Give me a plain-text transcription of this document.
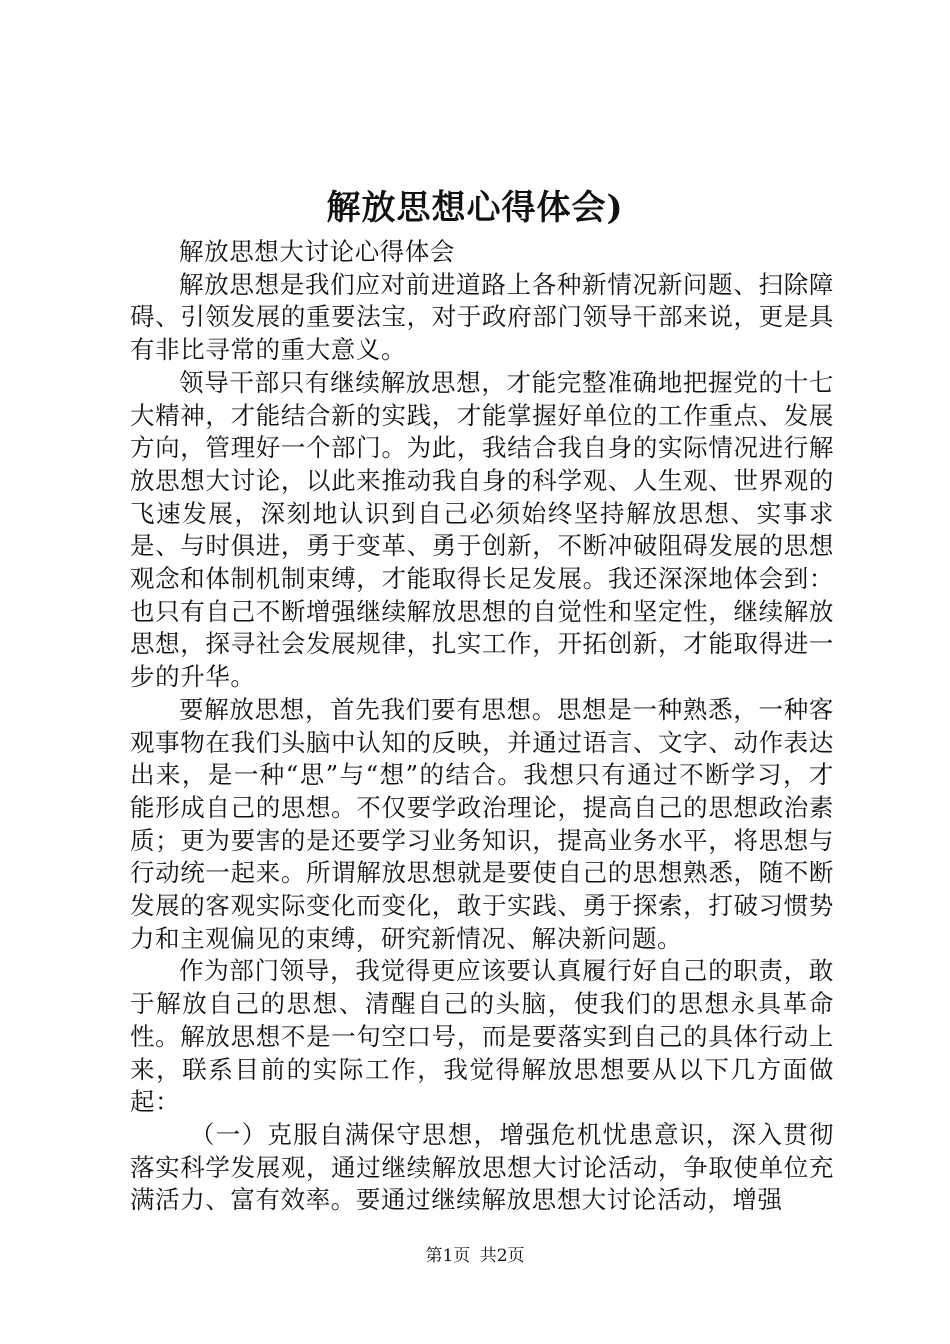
解放思想心得体会)

解放思想大讨论心得体会

解放思想是我们应对前进道路上各种新情况新问题、扫除障碍、引领发展的重要法宝，对于政府部门领导干部来说，更是具有非比寻常的重大意义。

领导干部只有继续解放思想，才能完整准确地把握党的十七大精神，才能结合新的实践，才能掌握好单位的工作重点、发展方向，管理好一个部门。为此，我结合我自身的实际情况进行解放思想大讨论，以此来推动我自身的科学观、人生观、世界观的飞速发展，深刻地认识到自己必须始终坚持解放思想、实事求是、与时俱进，勇于变革、勇于创新，不断冲破阻碍发展的思想观念和体制机制束缚，才能取得长足发展。我还深深地体会到：也只有自己不断增强继续解放思想的自觉性和坚定性，继续解放思想，探寻社会发展规律，扎实工作，开拓创新，才能取得进一步的升华。

要解放思想，首先我们要有思想。思想是一种熟悉，一种客观事物在我们头脑中认知的反映，并通过语言、文字、动作表达出来，是一种“思”与“想”的结合。我想只有通过不断学习，才能形成自己的思想。不仅要学政治理论，提高自己的思想政治素质；更为要害的是还要学习业务知识，提高业务水平，将思想与行动统一起来。所谓解放思想就是要使自己的思想熟悉，随不断发展的客观实际变化而变化，敢于实践、勇于探索，打破习惯势力和主观偏见的束缚，研究新情况、解决新问题。

作为部门领导，我觉得更应该要认真履行好自己的职责，敢于解放自己的思想、清醒自己的头脑，使我们的思想永具革命性。解放思想不是一句空口号，而是要落实到自己的具体行动上来，联系目前的实际工作，我觉得解放思想要从以下几方面做起：

（一）克服自满保守思想，增强危机忧患意识，深入贯彻落实科学发展观，通过继续解放思想大讨论活动，争取使单位充满活力、富有效率。要通过继续解放思想大讨论活动，增强

第1页 共2页
